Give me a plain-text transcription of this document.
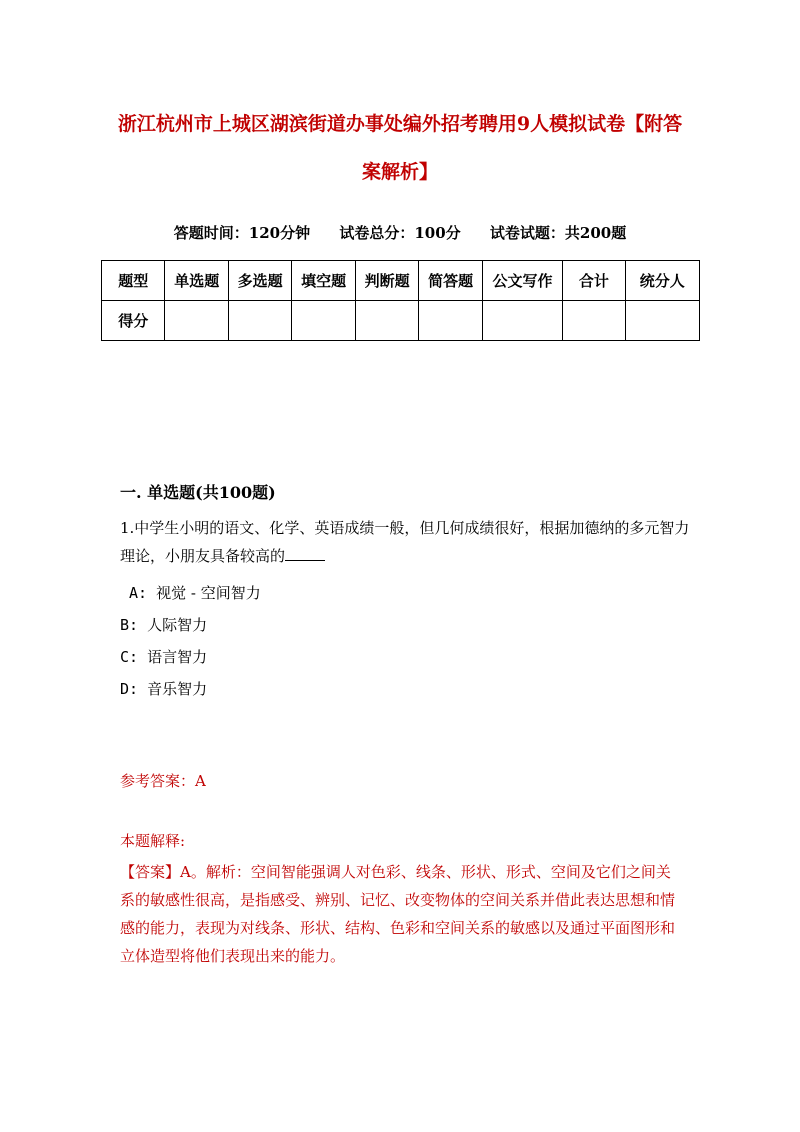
浙江杭州市上城区湖滨街道办事处编外招考聘用9人模拟试卷【附答案解析】
答题时间：120分钟 试卷总分：100分 试卷试题：共200题
题型	单选题	多选题	填空题	判断题	简答题	公文写作	合计	统分人
得分								
一. 单选题(共100题)
1.中学生小明的语文、化学、英语成绩一般，但几何成绩很好，根据加德纳的多元智力理论，小朋友具备较高的
A: 视觉 - 空间智力
B: 人际智力
C: 语言智力
D: 音乐智力
参考答案：A
本题解释:
【答案】A。解析：空间智能强调人对色彩、线条、形状、形式、空间及它们之间关系的敏感性很高，是指感受、辨别、记忆、改变物体的空间关系并借此表达思想和情感的能力，表现为对线条、形状、结构、色彩和空间关系的敏感以及通过平面图形和立体造型将他们表现出来的能力。
